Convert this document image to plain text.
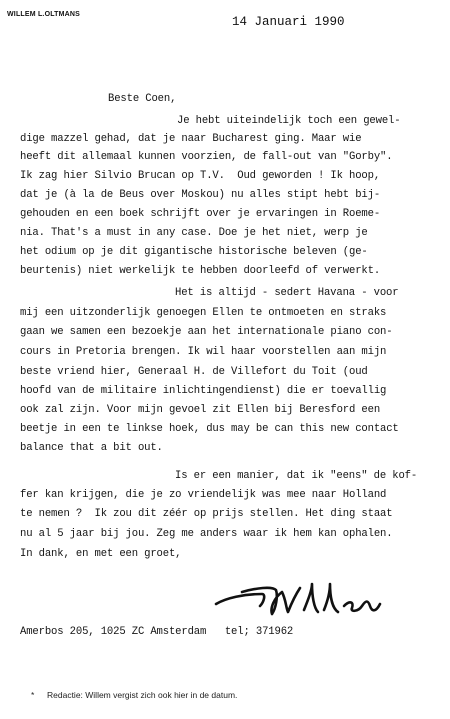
WILLEM L.OLTMANS
14 Januari 1990
Beste Coen,
Je hebt uiteindelijk toch een gewel-
dige mazzel gehad, dat je naar Bucharest ging. Maar wie
heeft dit allemaal kunnen voorzien, de fall-out van "Gorby".
Ik zag hier Silvio Brucan op T.V.  Oud geworden ! Ik hoop,
dat je (à la de Beus over Moskou) nu alles stipt hebt bij-
gehouden en een boek schrijft over je ervaringen in Roeme-
nia. That's a must in any case. Doe je het niet, werp je
het odium op je dit gigantische historische beleven (ge-
beurtenis) niet werkelijk te hebben doorleefd of verwerkt.
Het is altijd - sedert Havana - voor
mij een uitzonderlijk genoegen Ellen te ontmoeten en straks
gaan we samen een bezoekje aan het internationale piano con-
cours in Pretoria brengen. Ik wil haar voorstellen aan mijn
beste vriend hier, Generaal H. de Villefort du Toit (oud
hoofd van de militaire inlichtingendienst) die er toevallig
ook zal zijn. Voor mijn gevoel zit Ellen bij Beresford een
beetje in een te linkse hoek, dus may be can this new contact
balance that a bit out.
Is er een manier, dat ik "eens" de kof-
fer kan krijgen, die je zo vriendelijk was mee naar Holland
te nemen ?  Ik zou dit zéér op prijs stellen. Het ding staat
nu al 5 jaar bij jou. Zeg me anders waar ik hem kan ophalen.
In dank, en met een groet,
Amerbos 205, 1025 ZC Amsterdam   tel; 371962
* Redactie: Willem vergist zich ook hier in de datum.
